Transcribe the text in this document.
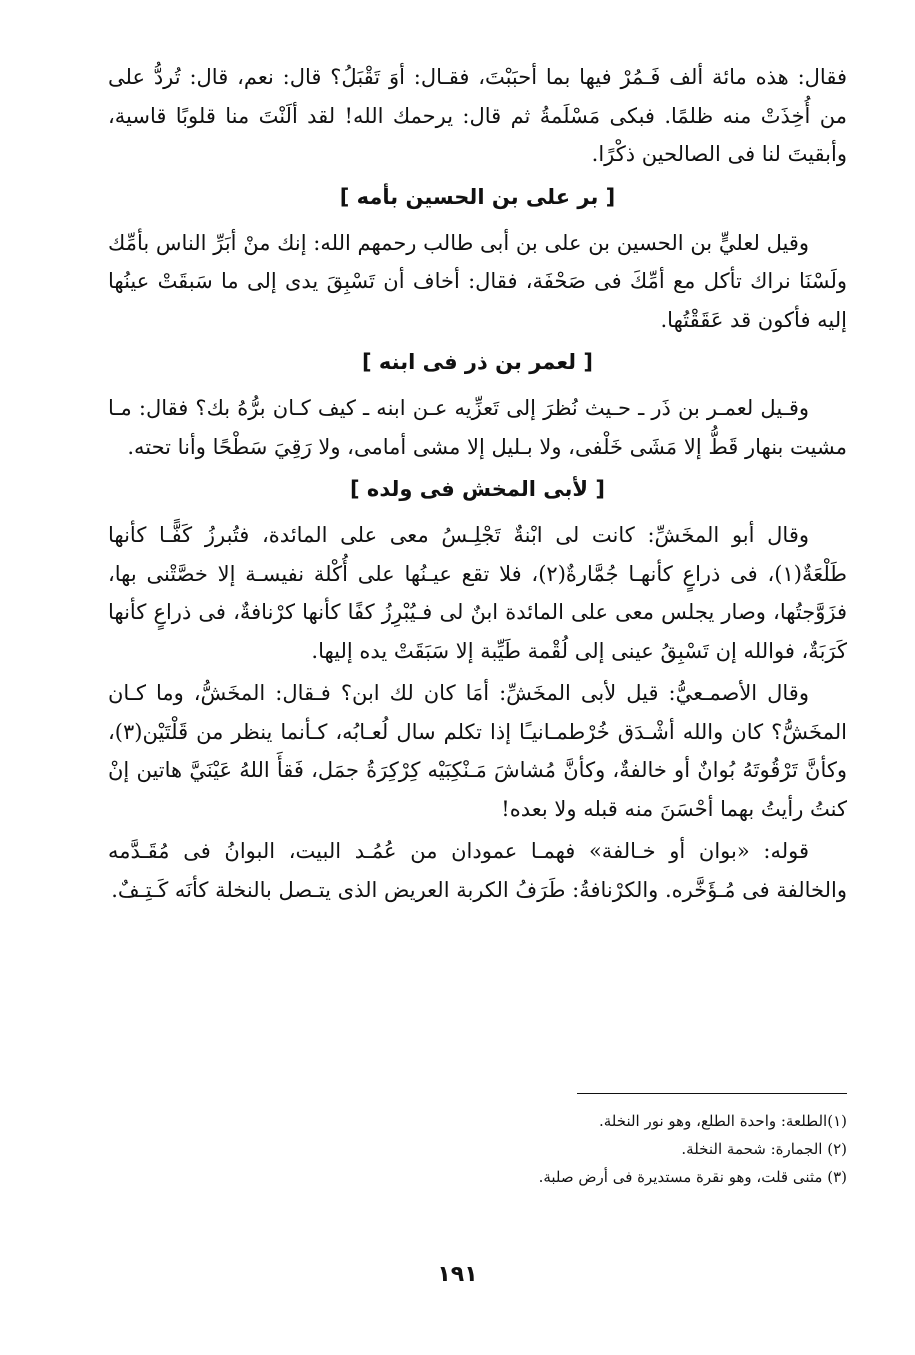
فقال: هذه مائة ألف فَـمُرْ فيها بما أحبَبْتَ، فقـال: أوَ تَقْبَلُ؟ قال: نعم، قال: تُردُّ على من أُخِذَتْ منه ظلمًا. فبكى مَسْلَمةُ ثم قال: يرحمك الله! لقد ألَنْتَ منا قلوبًا قاسية، وأبقيتَ لنا فى الصالحين ذكْرًا.

[ بر على بن الحسين بأمه ]

وقيل لعليٍّ بن الحسين بن على بن أبى طالب رحمهم الله: إنك منْ أبَرِّ الناس بأمِّك ولَسْنَا نراك تأكل مع أمِّكَ فى صَحْفَة، فقال: أخاف أن تَسْبِقَ يدى إلى ما سَبقَتْ عينُها إليه فأكون قد عَقَقْتُها.

[ لعمر بن ذر فى ابنه ]

وقـيل لعمـر بن ذَر ـ حـيث نُظرَ إلى تَعزِّيه عـن ابنه ـ كيف كـان برُّهُ بك؟ فقال: مـا مشيت بنهار قَطُّ إلا مَشَى خَلْفى، ولا بـليل إلا مشى أمامى، ولا رَقِيَ سَطْحًا وأنا تحته.

[ لأبى المخش فى ولده ]

وقال أبو المخَشِّ: كانت لى ابْنةٌ تَجْلِـسُ معى على المائدة، فتُبرزُ كَفًّـا كأنها طَلْعَةٌ(١)، فى ذراعٍ كأنهـا جُمَّارةٌ(٢)، فلا تقع عيـنُها على أُكْلة نفيسـة إلا خصَّتْنى بها، فزَوَّجتُها، وصار يجلس معى على المائدة ابنٌ لى فـيُبْرِزُ كفًا كأنها كرْنافةٌ، فى ذراعٍ كأنها كَرَبَةٌ، فوالله إن تَسْبِقُ عينى إلى لُقْمة طَيِّبة إلا سَبَقَتْ يده إليها.

وقال الأصمـعيُّ: قيل لأبى المخَشِّ: أمَا كان لك ابن؟ فـقال: المخَشُّ، وما كـان المخَشُّ؟ كان والله أشْـدَق خُرْطمـانيـًا إذا تكلم سال لُعـابُه، كـأنما ينظر من قَلْتَيْن(٣)، وكأنَّ تَرْقُوتَهُ بُوانٌ أو خالفةٌ، وكأنَّ مُشاشَ مَـنْكِبَيْه كِرْكِرَةُ جمَل، فَقأَ اللهُ عَيْنَيَّ هاتين إنْ كنتُ رأيتُ بهما أحْسَنَ منه قبله ولا بعده!

قوله: «بوان أو خـالفة» فهمـا عمودان من عُمُـد البيت، البوانُ فى مُقَـدَّمه والخالفة فى مُـؤَخَّره. والكرْنافةُ: طَرَفُ الكربة العريض الذى يتـصل بالنخلة كأنَه كَـتِـفٌ.

(١)الطلعة: واحدة الطلع، وهو نور النخلة.

(٢) الجمارة: شحمة النخلة.

(٣) مثنى قلت، وهو نقرة مستديرة فى أرض صلبة.

١٩١
